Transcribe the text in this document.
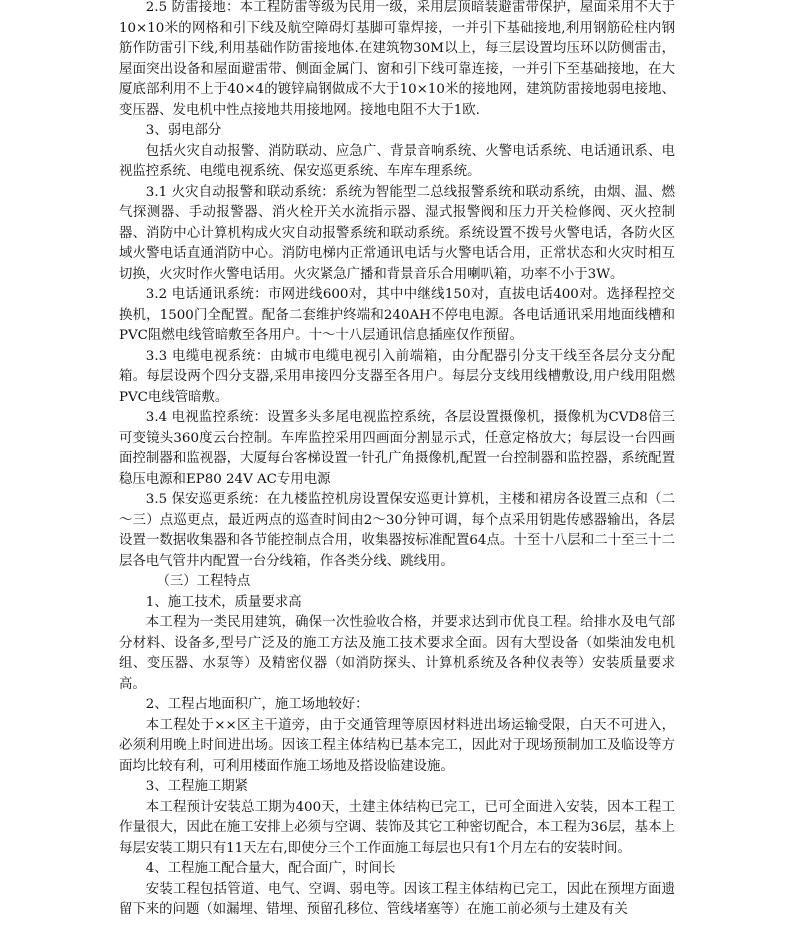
2.5 防雷接地：本工程防雷等级为民用一级，采用层顶暗装避雷带保护，屋面采用不大于10×10米的网格和引下线及航空障碍灯基脚可靠焊接，一并引下基础接地,利用钢筋砼柱内钢筋作防雷引下线,利用基础作防雷接地体.在建筑物30M以上，每三层设置均压环以防侧雷击，屋面突出设备和屋面避雷带、侧面金属门、窗和引下线可靠连接，一并引下至基础接地，在大厦底部利用不上于40×4的镀锌扁钢做成不大于10×10米的接地网，建筑防雷接地弱电接地、变压器、发电机中性点接地共用接地网。接地电阻不大于1欧.

3、弱电部分

包括火灾自动报警、消防联动、应急广、背景音响系统、火警电话系统、电话通讯系、电视监控系统、电缆电视系统、保安巡更系统、车库车理系统。

3.1 火灾自动报警和联动系统：系统为智能型二总线报警系统和联动系统，由烟、温、燃气探测器、手动报警器、消火栓开关水流指示器、湿式报警阀和压力开关检修阀、灭火控制器、消防中心计算机构成火灾自动报警系统和联动系统。系统设置不拨号火警电话，各防火区域火警电话直通消防中心。消防电梯内正常通讯电话与火警电话合用，正常状态和火灾时相互切换，火灾时作火警电话用。火灾紧急广播和背景音乐合用喇叭箱，功率不小于3W。

3.2 电话通讯系统：市网进线600对，其中中继线150对，直拔电话400对。选择程控交换机，1500门全配置。配备二套维护终端和240AH不停电电源。各电话通讯采用地面线槽和PVC阻燃电线管暗敷至各用户。十～十八层通讯信息插座仅作预留。

3.3 电缆电视系统：由城市电缆电视引入前端箱，由分配器引分支干线至各层分支分配箱。每层设两个四分支器,采用串接四分支器至各用户。每层分支线用线槽敷设,用户线用阻燃PVC电线管暗敷。

3.4 电视监控系统：设置多头多尾电视监控系统，各层设置摄像机，摄像机为CVD8倍三可变镜头360度云台控制。车库监控采用四画面分割显示式，任意定格放大；每层设一台四画面控制器和监视器，大厦每台客梯设置一针孔广角摄像机,配置一台控制器和监控器，系统配置稳压电源和EP80 24V AC专用电源

3.5 保安巡更系统：在九楼监控机房设置保安巡更计算机，主楼和裙房各设置三点和（二～三）点巡更点，最近两点的巡查时间由2～30分钟可调，每个点采用钥匙传感器输出，各层设置一数据收集器和各节能控制点合用，收集器按标准配置64点。十至十八层和二十至三十二层各电气管井内配置一台分线箱，作各类分线、跳线用。

（三）工程特点

1、施工技术，质量要求高

本工程为一类民用建筑，确保一次性验收合格，并要求达到市优良工程。给排水及电气部分材料、设备多,型号广泛及的施工方法及施工技术要求全面。因有大型设备（如柴油发电机组、变压器、水泵等）及精密仪器（如消防探头、计算机系统及各种仪表等）安装质量要求高。

2、工程占地面积广，施工场地较好：

本工程处于××区主干道旁，由于交通管理等原因材料进出场运输受限，白天不可进入，必须利用晚上时间进出场。因该工程主体结构已基本完工，因此对于现场预制加工及临设等方面均比较有利，可利用楼面作施工场地及搭设临建设施。

3、工程施工期紧

本工程预计安装总工期为400天，土建主体结构已完工，已可全面进入安装，因本工程工作量很大，因此在施工安排上必须与空调、装饰及其它工种密切配合，本工程为36层，基本上每层安装工期只有11天左右,即使分三个工作面施工每层也只有1个月左右的安装时间。

4、工程施工配合量大，配合面广，时间长

安装工程包括管道、电气、空调、弱电等。因该工程主体结构已完工，因此在预埋方面遗留下来的问题（如漏埋、错埋、预留孔移位、管线堵塞等）在施工前必须与土建及有关
